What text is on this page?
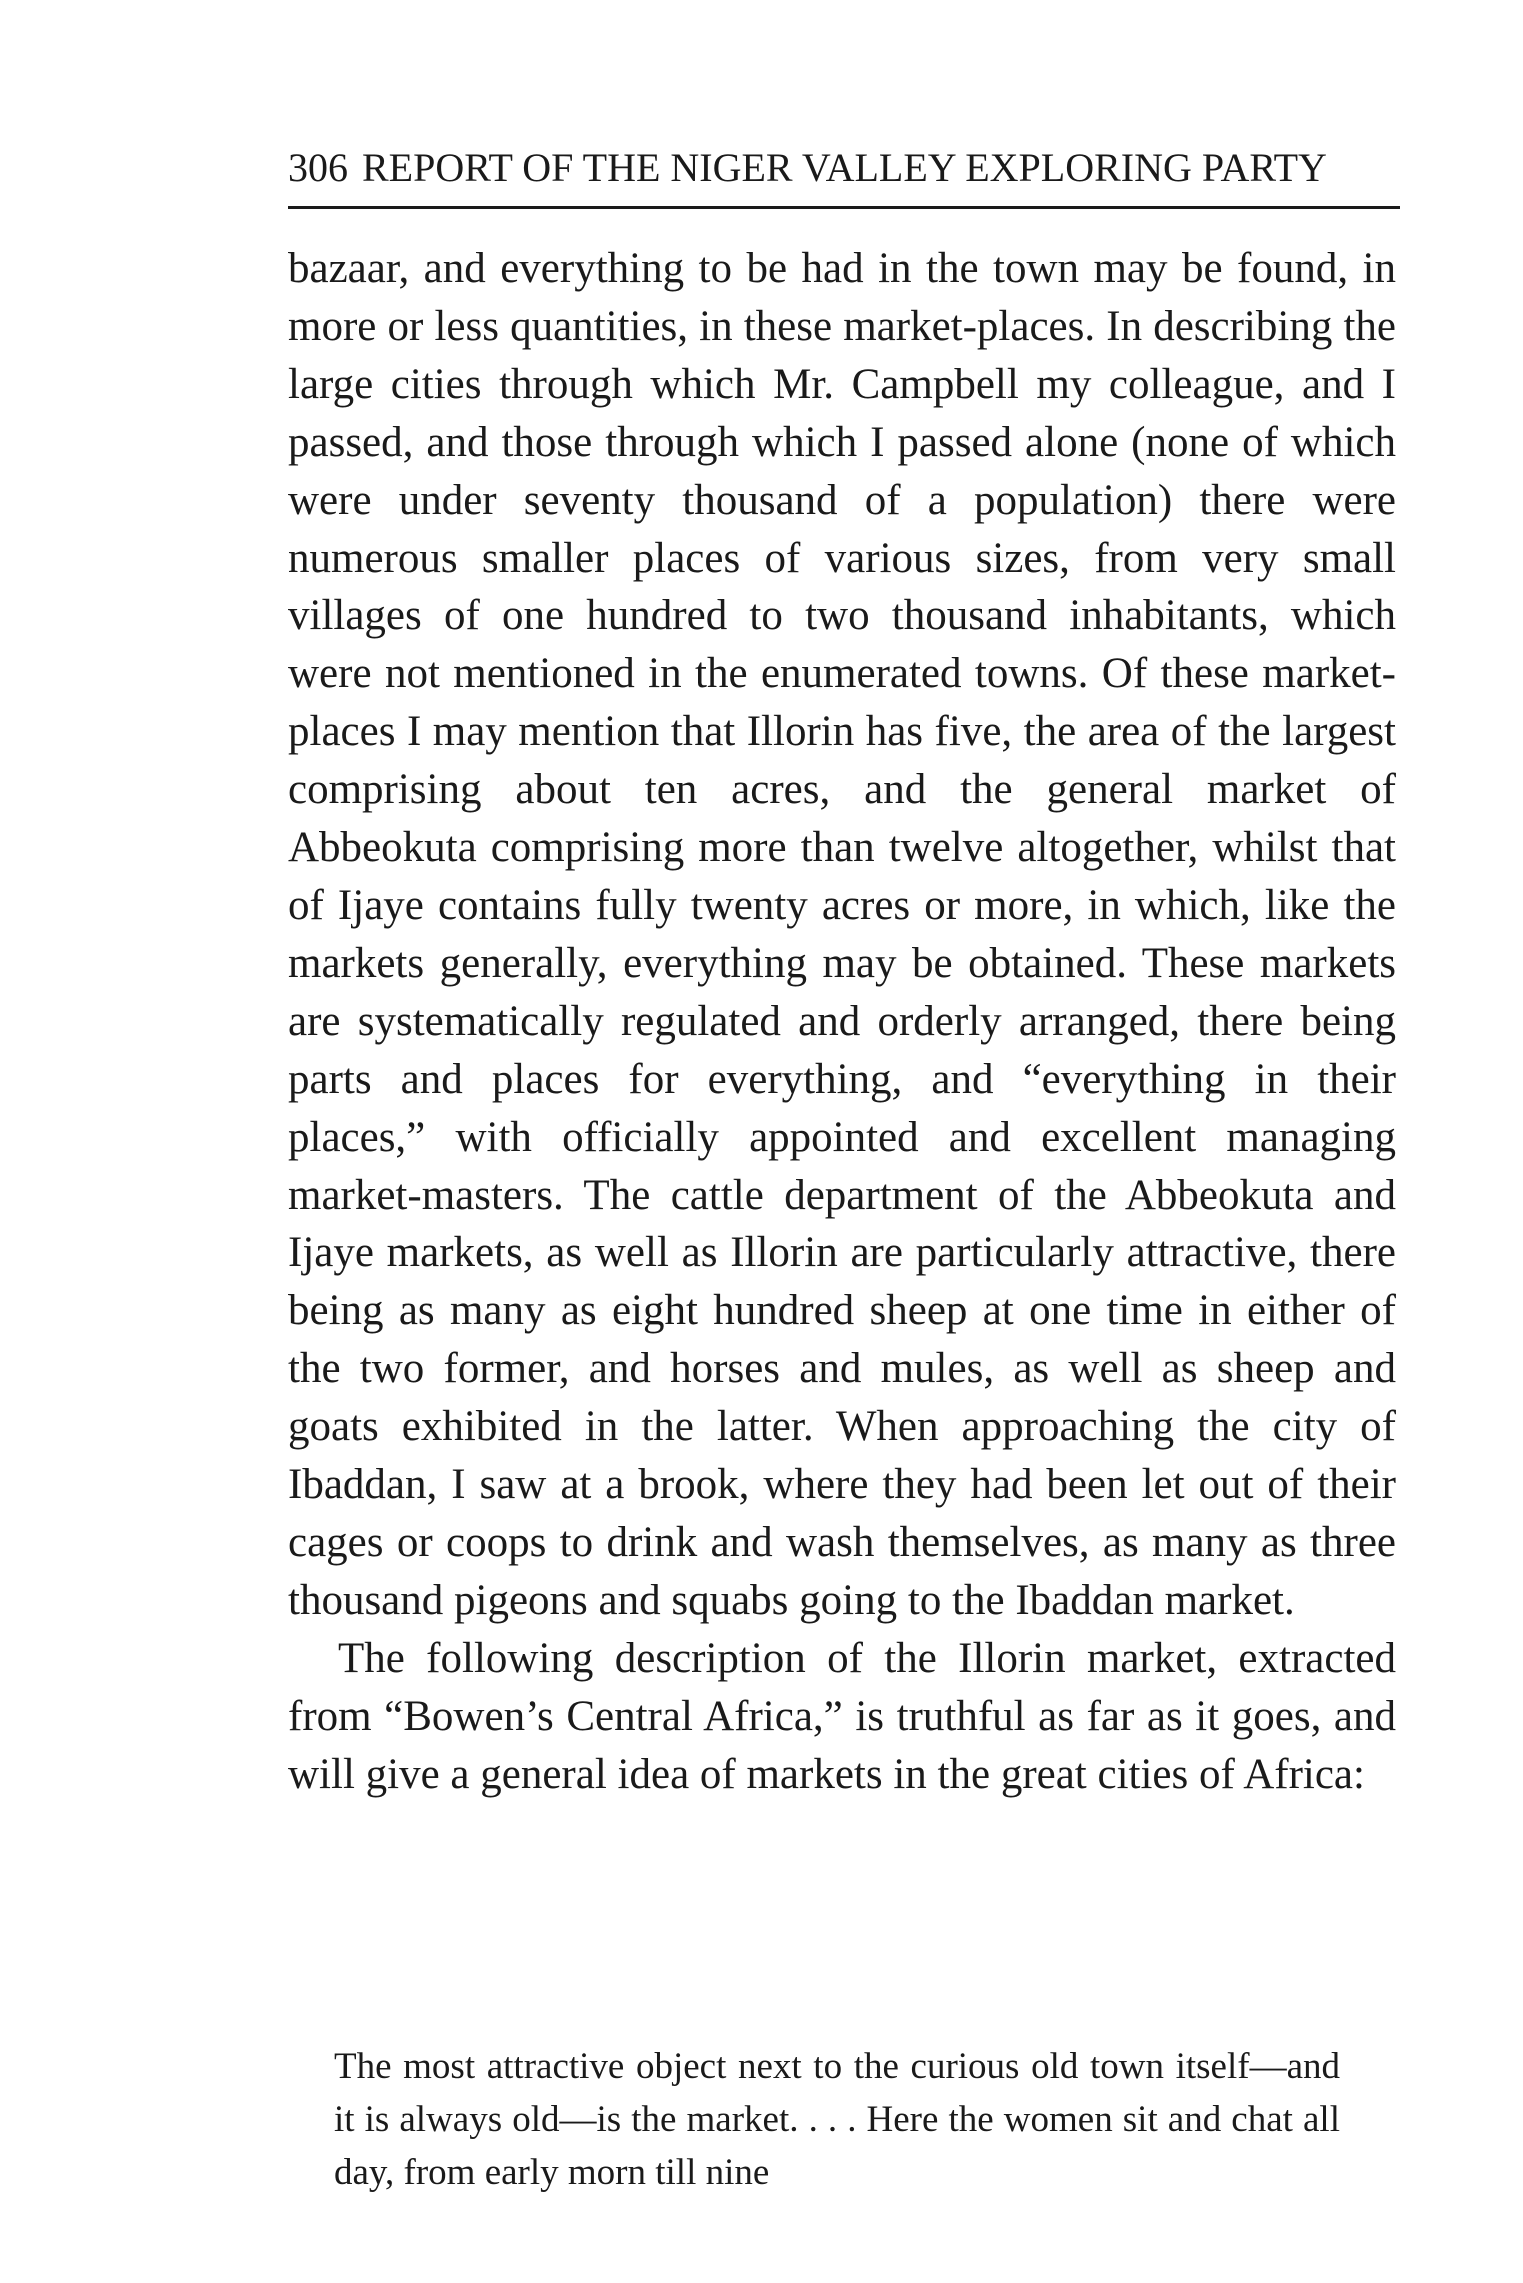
306 REPORT OF THE NIGER VALLEY EXPLORING PARTY

bazaar, and everything to be had in the town may be found, in more or less quantities, in these market-places. In describing the large cities through which Mr. Campbell my colleague, and I passed, and those through which I passed alone (none of which were under seventy thousand of a population) there were numerous smaller places of various sizes, from very small villages of one hundred to two thousand inhabitants, which were not mentioned in the enumerated towns. Of these market-places I may mention that Illorin has five, the area of the largest comprising about ten acres, and the general market of Abbeokuta comprising more than twelve altogether, whilst that of Ijaye contains fully twenty acres or more, in which, like the markets generally, everything may be obtained. These markets are systematically regulated and orderly arranged, there being parts and places for everything, and “everything in their places,” with officially appointed and excellent managing market-masters. The cattle department of the Abbeokuta and Ijaye markets, as well as Illorin are particularly attractive, there being as many as eight hundred sheep at one time in either of the two former, and horses and mules, as well as sheep and goats exhibited in the latter. When approaching the city of Ibaddan, I saw at a brook, where they had been let out of their cages or coops to drink and wash themselves, as many as three thousand pigeons and squabs going to the Ibaddan market.

The following description of the Illorin market, extracted from “Bowen’s Central Africa,” is truthful as far as it goes, and will give a general idea of markets in the great cities of Africa:

The most attractive object next to the curious old town itself—and it is always old—is the market. . . . Here the women sit and chat all day, from early morn till nine
